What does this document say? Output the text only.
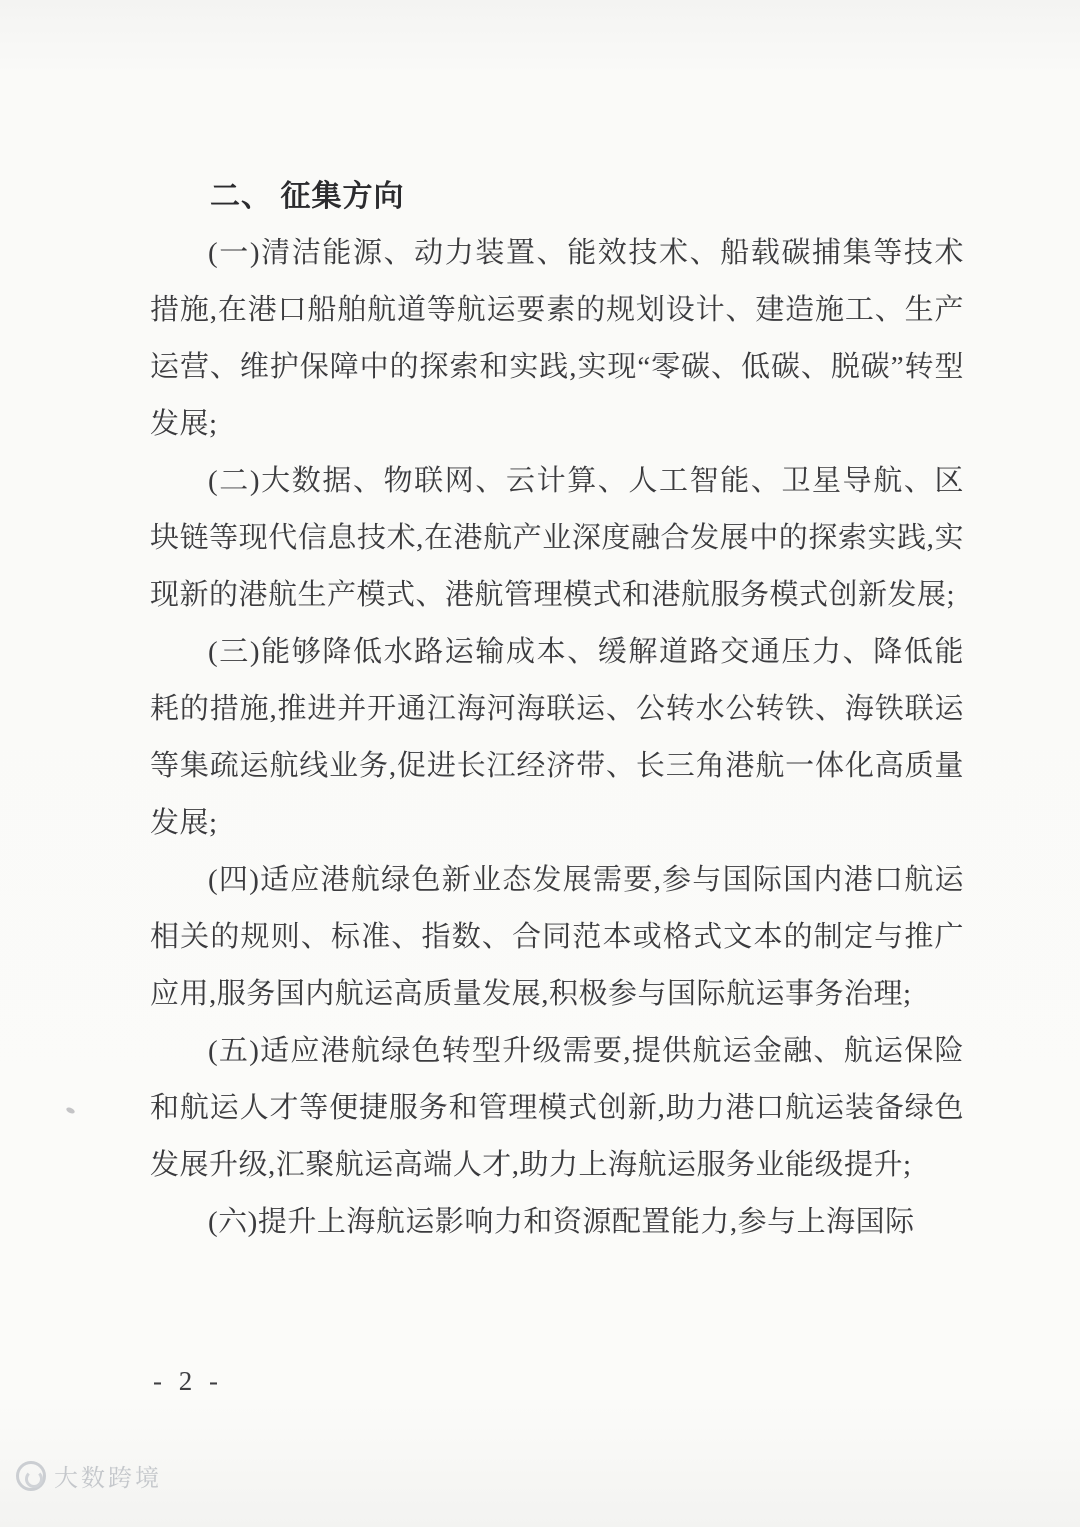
二、 征集方向

(一)清洁能源、动力装置、能效技术、船载碳捕集等技术措施,在港口船舶航道等航运要素的规划设计、建造施工、生产运营、维护保障中的探索和实践,实现“零碳、低碳、脱碳”转型发展;

(二)大数据、物联网、云计算、人工智能、卫星导航、区块链等现代信息技术,在港航产业深度融合发展中的探索实践,实现新的港航生产模式、港航管理模式和港航服务模式创新发展;

(三)能够降低水路运输成本、缓解道路交通压力、降低能耗的措施,推进并开通江海河海联运、公转水公转铁、海铁联运等集疏运航线业务,促进长江经济带、长三角港航一体化高质量发展;

(四)适应港航绿色新业态发展需要,参与国际国内港口航运相关的规则、标准、指数、合同范本或格式文本的制定与推广应用,服务国内航运高质量发展,积极参与国际航运事务治理;

(五)适应港航绿色转型升级需要,提供航运金融、航运保险和航运人才等便捷服务和管理模式创新,助力港口航运装备绿色发展升级,汇聚航运高端人才,助力上海航运服务业能级提升;

(六)提升上海航运影响力和资源配置能力,参与上海国际

- 2 -
大数跨境
